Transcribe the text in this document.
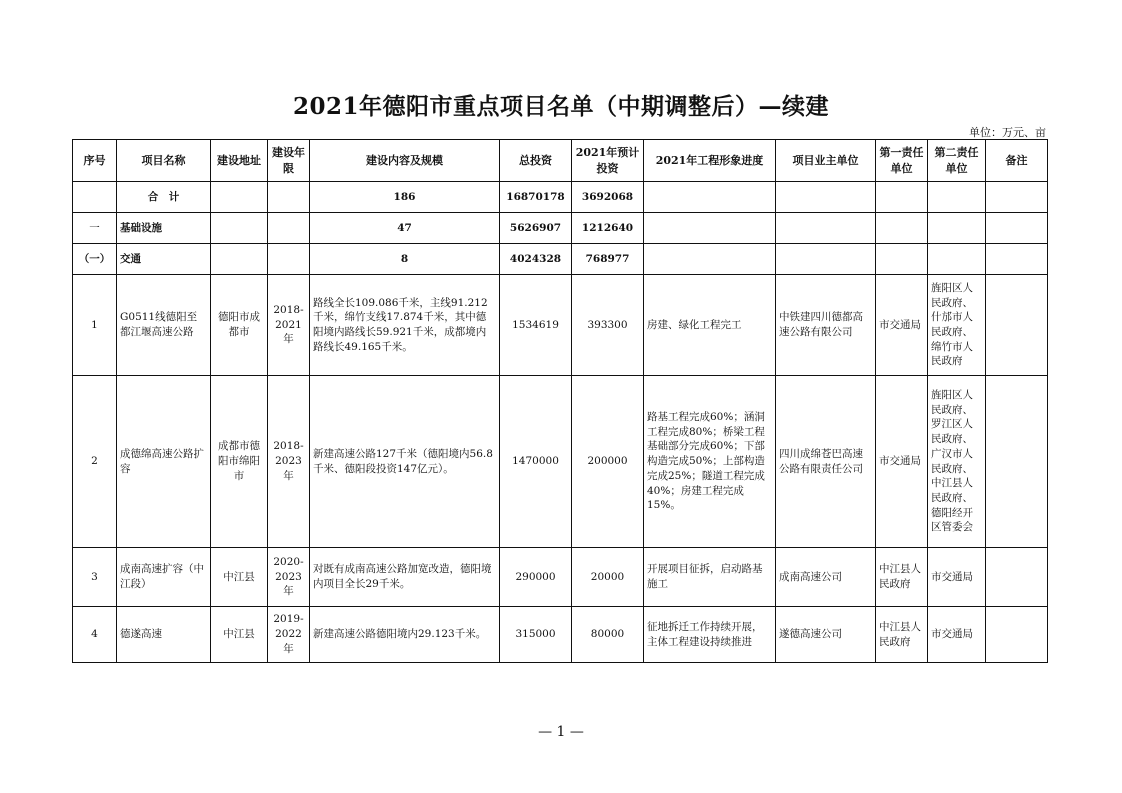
2021年德阳市重点项目名单（中期调整后）—续建
单位：万元、亩
序号	项目名称	建设地址	建设年限	建设内容及规模	总投资	2021年预计投资	2021年工程形象进度	项目业主单位	第一责任单位	第二责任单位	备注
	合　计			186	16870178	3692068					
一	基础设施			47	5626907	1212640					
（一）	交通			8	4024328	768977					
1	G0511线德阳至都江堰高速公路	德阳市成都市	2018-2021年	路线全长109.086千米，主线91.212千米，绵竹支线17.874千米，其中德阳境内路线长59.921千米，成都境内路线长49.165千米。	1534619	393300	房建、绿化工程完工	中铁建四川德都高速公路有限公司	市交通局	旌阳区人民政府、什邡市人民政府、绵竹市人民政府	
2	成德绵高速公路扩容	成都市德阳市绵阳市	2018-2023年	新建高速公路127千米（德阳境内56.8千米、德阳段投资147亿元）。	1470000	200000	路基工程完成60%；涵洞工程完成80%；桥梁工程基础部分完成60%；下部构造完成50%；上部构造完成25%；隧道工程完成40%；房建工程完成15%。	四川成绵苍巴高速公路有限责任公司	市交通局	旌阳区人民政府、罗江区人民政府、广汉市人民政府、中江县人民政府、德阳经开区管委会	
3	成南高速扩容（中江段）	中江县	2020-2023年	对既有成南高速公路加宽改造，德阳境内项目全长29千米。	290000	20000	开展项目征拆，启动路基施工	成南高速公司	中江县人民政府	市交通局	
4	德遂高速	中江县	2019-2022年	新建高速公路德阳境内29.123千米。	315000	80000	征地拆迁工作持续开展，主体工程建设持续推进	遂德高速公司	中江县人民政府	市交通局	
— 1 —
